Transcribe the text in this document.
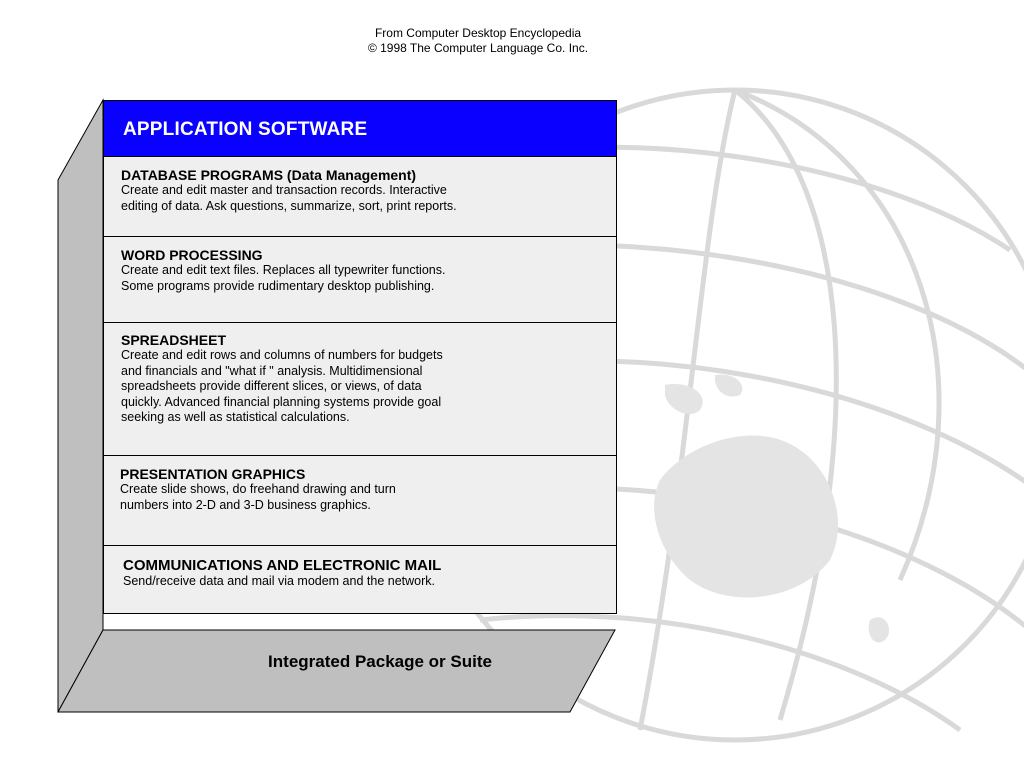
From Computer Desktop Encyclopedia
© 1998 The Computer Language Co. Inc.
APPLICATION SOFTWARE
DATABASE PROGRAMS (Data Management)
Create and edit master and transaction records. Interactive
editing of data. Ask questions, summarize, sort, print reports.
WORD PROCESSING
Create and edit text files. Replaces all typewriter functions.
Some programs provide rudimentary desktop publishing.
SPREADSHEET
Create and edit rows and columns of numbers for budgets
and financials and "what if " analysis. Multidimensional
spreadsheets provide different slices, or views, of data
quickly. Advanced financial planning systems provide goal
seeking as well as statistical calculations.
PRESENTATION GRAPHICS
Create slide shows, do freehand drawing and turn
numbers into 2-D and 3-D business graphics.
COMMUNICATIONS AND ELECTRONIC MAIL
Send/receive data and mail via modem and the network.
Integrated Package or Suite
